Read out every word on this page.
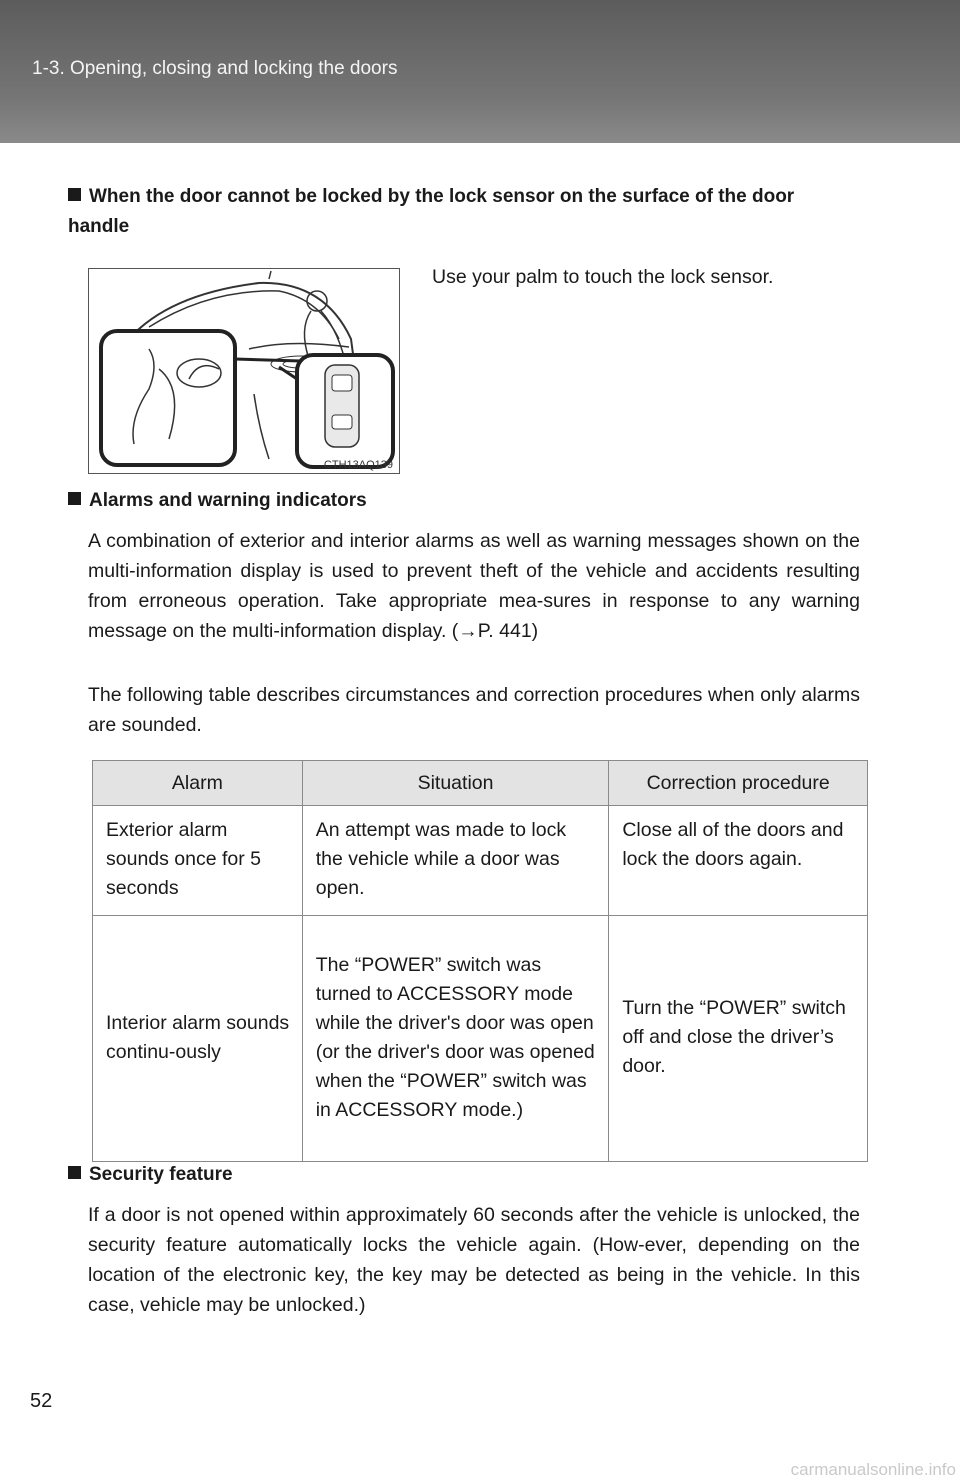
1-3. Opening, closing and locking the doors
When the door cannot be locked by the lock sensor on the surface of the door handle
CTH13AQ139
Use your palm to touch the lock sensor.
Alarms and warning indicators
A combination of exterior and interior alarms as well as warning messages shown on the multi-information display is used to prevent theft of the vehicle and accidents resulting from erroneous operation. Take appropriate mea-sures in response to any warning message on the multi-information display. (→P. 441)
The following table describes circumstances and correction procedures when only alarms are sounded.
Alarm	Situation	Correction procedure
Exterior alarm sounds once for 5 seconds	An attempt was made to lock the vehicle while a door was open.	Close all of the doors and lock the doors again.
Interior alarm sounds continu-ously	The “POWER” switch was turned to ACCESSORY mode while the driver's door was open (or the driver's door was opened when the “POWER” switch was in ACCESSORY mode.)	Turn the “POWER” switch off and close the driver’s door.
Security feature
If a door is not opened within approximately 60 seconds after the vehicle is unlocked, the security feature automatically locks the vehicle again. (How-ever, depending on the location of the electronic key, the key may be detected as being in the vehicle. In this case, vehicle may be unlocked.)
52
carmanualsonline.info
